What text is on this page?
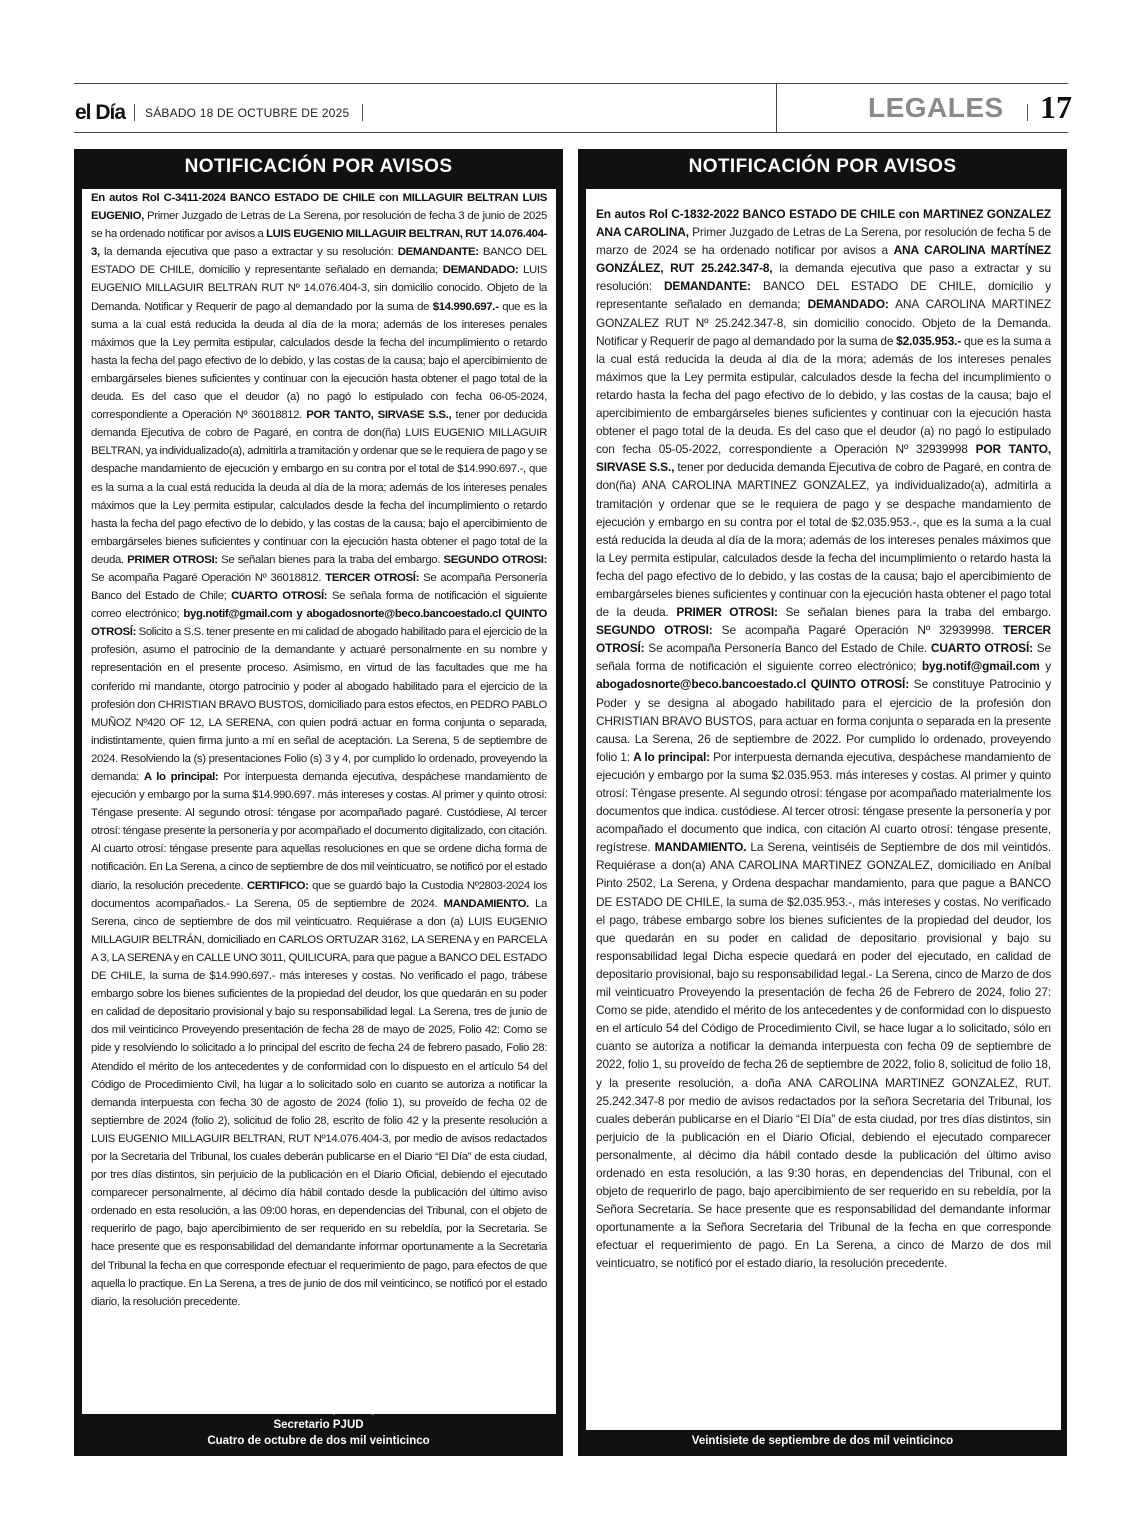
el Día SÁBADO 18 DE OCTUBRE DE 2025	LEGALES 17
NOTIFICACIÓN POR AVISOS
En autos Rol C-3411-2024 BANCO ESTADO DE CHILE con MILLAGUIR BELTRAN LUIS EUGENIO, Primer Juzgado de Letras de La Serena, por resolución de fecha 3 de junio de 2025 se ha ordenado notificar por avisos a LUIS EUGENIO MILLAGUIR BELTRAN, RUT 14.076.404-3, la demanda ejecutiva que paso a extractar y su resolución: DEMANDANTE: BANCO DEL ESTADO DE CHILE, domicilio y representante señalado en demanda; DEMANDADO: LUIS EUGENIO MILLAGUIR BELTRAN RUT Nº 14.076.404-3, sin domicilio conocido. Objeto de la Demanda. Notificar y Requerir de pago al demandado por la suma de $14.990.697.- que es la suma a la cual está reducida la deuda al día de la mora; además de los intereses penales máximos que la Ley permita estipular, calculados desde la fecha del incumplimiento o retardo hasta la fecha del pago efectivo de lo debido, y las costas de la causa; bajo el apercibimiento de embargárseles bienes suficientes y continuar con la ejecución hasta obtener el pago total de la deuda. Es del caso que el deudor (a) no pagó lo estipulado con fecha 06-05-2024, correspondiente a Operación Nº 36018812. POR TANTO, SIRVASE S.S., tener por deducida demanda Ejecutiva de cobro de Pagaré, en contra de don(ña) LUIS EUGENIO MILLAGUIR BELTRAN, ya individualizado(a), admitirla a tramitación y ordenar que se le requiera de pago y se despache mandamiento de ejecución y embargo en su contra por el total de $14.990.697.-, que es la suma a la cual está reducida la deuda al día de la mora; además de los intereses penales máximos que la Ley permita estipular, calculados desde la fecha del incumplimiento o retardo hasta la fecha del pago efectivo de lo debido, y las costas de la causa; bajo el apercibimiento de embargárseles bienes suficientes y continuar con la ejecución hasta obtener el pago total de la deuda. PRIMER OTROSI: Se señalan bienes para la traba del embargo. SEGUNDO OTROSI: Se acompaña Pagaré Operación Nº 36018812. TERCER OTROSÍ: Se acompaña Personería Banco del Estado de Chile; CUARTO OTROSÍ: Se señala forma de notificación el siguiente correo electrónico; byg.notif@gmail.com y abogadosnorte@beco.bancoestado.cl QUINTO OTROSÍ: Solicito a S.S. tener presente en mi calidad de abogado habilitado para el ejercicio de la profesión, asumo el patrocinio de la demandante y actuaré personalmente en su nombre y representación en el presente proceso. Asimismo, en virtud de las facultades que me ha conferido mi mandante, otorgo patrocinio y poder al abogado habilitado para el ejercicio de la profesión don CHRISTIAN BRAVO BUSTOS, domiciliado para estos efectos, en PEDRO PABLO MUÑOZ Nº420 OF 12, LA SERENA, con quien podrá actuar en forma conjunta o separada, indistintamente, quien firma junto a mí en señal de aceptación. La Serena, 5 de septiembre de 2024. Resolviendo la (s) presentaciones Folio (s) 3 y 4, por cumplido lo ordenado, proveyendo la demanda: A lo principal: Por interpuesta demanda ejecutiva, despáchese mandamiento de ejecución y embargo por la suma $14.990.697. más intereses y costas. Al primer y quinto otrosí: Téngase presente. Al segundo otrosí: téngase por acompañado pagaré. Custódiese, Al tercer otrosí: téngase presente la personería y por acompañado el documento digitalizado, con citación. Al cuarto otrosí: téngase presente para aquellas resoluciones en que se ordene dicha forma de notificación. En La Serena, a cinco de septiembre de dos mil veinticuatro, se notificó por el estado diario, la resolución precedente. CERTIFICO: que se guardó bajo la Custodia Nº2803-2024 los documentos acompañados.- La Serena, 05 de septiembre de 2024. MANDAMIENTO. La Serena, cinco de septiembre de dos mil veinticuatro. Requiérase a don (a) LUIS EUGENIO MILLAGUIR BELTRÁN, domiciliado en CARLOS ORTUZAR 3162, LA SERENA y en PARCELA A 3, LA SERENA y en CALLE UNO 3011, QUILICURA, para que pague a BANCO DEL ESTADO DE CHILE, la suma de $14.990.697.- más intereses y costas. No verificado el pago, trábese embargo sobre los bienes suficientes de la propiedad del deudor, los que quedarán en su poder en calidad de depositario provisional y bajo su responsabilidad legal. La Serena, tres de junio de dos mil veinticinco Proveyendo presentación de fecha 28 de mayo de 2025, Folio 42: Como se pide y resolviendo lo solicitado a lo principal del escrito de fecha 24 de febrero pasado, Folio 28: Atendido el mérito de los antecedentes y de conformidad con lo dispuesto en el artículo 54 del Código de Procedimiento Civil, ha lugar a lo solicitado solo en cuanto se autoriza a notificar la demanda interpuesta con fecha 30 de agosto de 2024 (folio 1), su proveído de fecha 02 de septiembre de 2024 (folio 2), solicitud de folio 28, escrito de folio 42 y la presente resolución a LUIS EUGENIO MILLAGUIR BELTRAN, RUT Nº14.076.404-3, por medio de avisos redactados por la Secretaria del Tribunal, los cuales deberán publicarse en el Diario “El Día” de esta ciudad, por tres días distintos, sin perjuicio de la publicación en el Diario Oficial, debiendo el ejecutado comparecer personalmente, al décimo día hábil contado desde la publicación del último aviso ordenado en esta resolución, a las 09:00 horas, en dependencias del Tribunal, con el objeto de requerirlo de pago, bajo apercibimiento de ser requerido en su rebeldía, por la Secretaria. Se hace presente que es responsabilidad del demandante informar oportunamente a la Secretaria del Tribunal la fecha en que corresponde efectuar el requerimiento de pago, para efectos de que aquella lo practique. En La Serena, a tres de junio de dos mil veinticinco, se notificó por el estado diario, la resolución precedente.
Natalia Inés Tapia Araya
Secretario PJUD
Cuatro de octubre de dos mil veinticinco
NOTIFICACIÓN POR AVISOS
En autos Rol C-1832-2022 BANCO ESTADO DE CHILE con MARTINEZ GONZALEZ ANA CAROLINA, Primer Juzgado de Letras de La Serena, por resolución de fecha 5 de marzo de 2024 se ha ordenado notificar por avisos a ANA CAROLINA MARTÍNEZ GONZÁLEZ, RUT 25.242.347-8, la demanda ejecutiva que paso a extractar y su resolución: DEMANDANTE: BANCO DEL ESTADO DE CHILE, domicilio y representante señalado en demanda; DEMANDADO: ANA CAROLINA MARTINEZ GONZALEZ RUT Nº 25.242.347-8, sin domicilio conocido. Objeto de la Demanda. Notificar y Requerir de pago al demandado por la suma de $2.035.953.- que es la suma a la cual está reducida la deuda al día de la mora; además de los intereses penales máximos que la Ley permita estipular, calculados desde la fecha del incumplimiento o retardo hasta la fecha del pago efectivo de lo debido, y las costas de la causa; bajo el apercibimiento de embargárseles bienes suficientes y continuar con la ejecución hasta obtener el pago total de la deuda. Es del caso que el deudor (a) no pagó lo estipulado con fecha 05-05-2022, correspondiente a Operación Nº 32939998 POR TANTO, SIRVASE S.S., tener por deducida demanda Ejecutiva de cobro de Pagaré, en contra de don(ña) ANA CAROLINA MARTINEZ GONZALEZ, ya individualizado(a), admitirla a tramitación y ordenar que se le requiera de pago y se despache mandamiento de ejecución y embargo en su contra por el total de $2.035.953.-, que es la suma a la cual está reducida la deuda al día de la mora; además de los intereses penales máximos que la Ley permita estipular, calculados desde la fecha del incumplimiento o retardo hasta la fecha del pago efectivo de lo debido, y las costas de la causa; bajo el apercibimiento de embargárseles bienes suficientes y continuar con la ejecución hasta obtener el pago total de la deuda. PRIMER OTROSI: Se señalan bienes para la traba del embargo. SEGUNDO OTROSI: Se acompaña Pagaré Operación Nº 32939998. TERCER OTROSÍ: Se acompaña Personería Banco del Estado de Chile. CUARTO OTROSÍ: Se señala forma de notificación el siguiente correo electrónico; byg.notif@gmail.com y abogadosnorte@beco.bancoestado.cl QUINTO OTROSÍ: Se constituye Patrocinio y Poder y se designa al abogado habilitado para el ejercicio de la profesión don CHRISTIAN BRAVO BUSTOS, para actuar en forma conjunta o separada en la presente causa. La Serena, 26 de septiembre de 2022. Por cumplido lo ordenado, proveyendo folio 1: A lo principal: Por interpuesta demanda ejecutiva, despáchese mandamiento de ejecución y embargo por la suma $2.035.953. más intereses y costas. Al primer y quinto otrosí: Téngase presente. Al segundo otrosí: téngase por acompañado materialmente los documentos que indica. custódiese. Al tercer otrosí: téngase presente la personería y por acompañado el documento que indica, con citación Al cuarto otrosí: téngase presente, regístrese. MANDAMIENTO. La Serena, veintiséis de Septiembre de dos mil veintidós. Requiérase a don(a) ANA CAROLINA MARTINEZ GONZALEZ, domiciliado en Aníbal Pinto 2502, La Serena, y Ordena despachar mandamiento, para que pague a BANCO DE ESTADO DE CHILE, la suma de $2.035.953.-, más intereses y costas. No verificado el pago, trábese embargo sobre los bienes suficientes de la propiedad del deudor, los que quedarán en su poder en calidad de depositario provisional y bajo su responsabilidad legal Dicha especie quedará en poder del ejecutado, en calidad de depositario provisional, bajo su responsabilidad legal.- La Serena, cinco de Marzo de dos mil veinticuatro Proveyendo la presentación de fecha 26 de Febrero de 2024, folio 27: Como se pide, atendido el mérito de los antecedentes y de conformidad con lo dispuesto en el artículo 54 del Código de Procedimiento Civil, se hace lugar a lo solicitado, sólo en cuanto se autoriza a notificar la demanda interpuesta con fecha 09 de septiembre de 2022, folio 1, su proveído de fecha 26 de septiembre de 2022, folio 8, solicitud de folio 18, y la presente resolución, a doña ANA CAROLINA MARTINEZ GONZALEZ, RUT. 25.242.347-8 por medio de avisos redactados por la señora Secretaria del Tribunal, los cuales deberán publicarse en el Diario “El Día” de esta ciudad, por tres días distintos, sin perjuicio de la publicación en el Diario Oficial, debiendo el ejecutado comparecer personalmente, al décimo día hábil contado desde la publicación del último aviso ordenado en esta resolución, a las 9:30 horas, en dependencias del Tribunal, con el objeto de requerirlo de pago, bajo apercibimiento de ser requerido en su rebeldía, por la Señora Secretaria. Se hace presente que es responsabilidad del demandante informar oportunamente a la Señora Secretaria del Tribunal de la fecha en que corresponde efectuar el requerimiento de pago. En La Serena, a cinco de Marzo de dos mil veinticuatro, se notificó por el estado diario, la resolución precedente.
Natalia Inés Tapia Araya
Secretario PJUD
Veintisiete de septiembre de dos mil veinticinco
